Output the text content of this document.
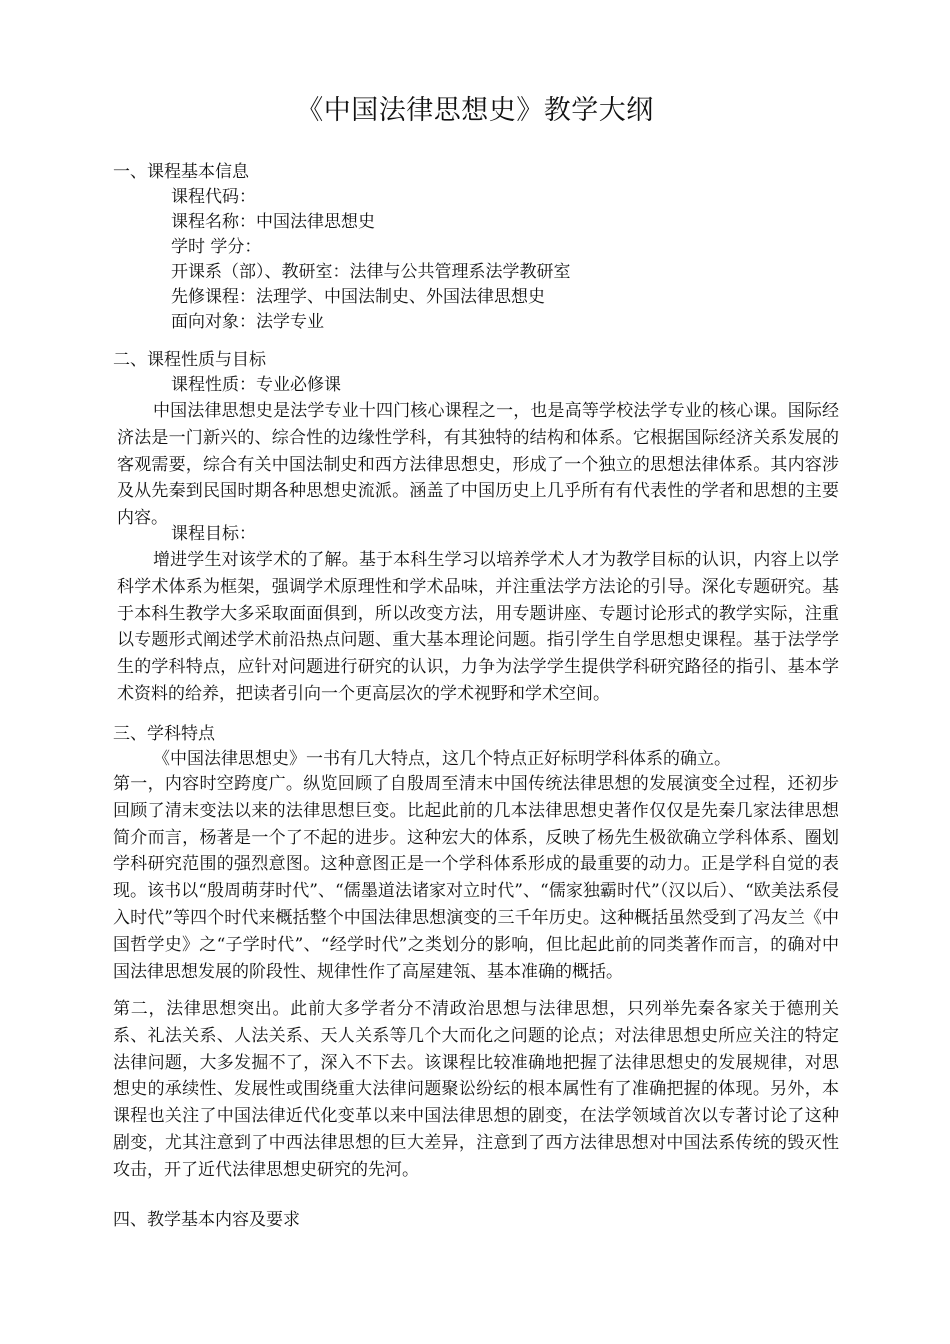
《中国法律思想史》教学大纲
一、课程基本信息
课程代码：
课程名称：中国法律思想史
学时 学分：
开课系（部）、教研室：法律与公共管理系法学教研室
先修课程：法理学、中国法制史、外国法律思想史
面向对象：法学专业
二、课程性质与目标
课程性质：专业必修课
中国法律思想史是法学专业十四门核心课程之一，也是高等学校法学专业的核心课。国际经济法是一门新兴的、综合性的边缘性学科，有其独特的结构和体系。它根据国际经济关系发展的客观需要，综合有关中国法制史和西方法律思想史，形成了一个独立的思想法律体系。其内容涉及从先秦到民国时期各种思想史流派。涵盖了中国历史上几乎所有有代表性的学者和思想的主要内容。
课程目标：
增进学生对该学术的了解。基于本科生学习以培养学术人才为教学目标的认识，内容上以学科学术体系为框架，强调学术原理性和学术品味，并注重法学方法论的引导。深化专题研究。基于本科生教学大多采取面面俱到，所以改变方法，用专题讲座、专题讨论形式的教学实际，注重以专题形式阐述学术前沿热点问题、重大基本理论问题。指引学生自学思想史课程。基于法学学生的学科特点，应针对问题进行研究的认识，力争为法学学生提供学科研究路径的指引、基本学术资料的给养，把读者引向一个更高层次的学术视野和学术空间。
三、学科特点
《中国法律思想史》一书有几大特点，这几个特点正好标明学科体系的确立。
第一，内容时空跨度广。纵览回顾了自殷周至清末中国传统法律思想的发展演变全过程，还初步回顾了清末变法以来的法律思想巨变。比起此前的几本法律思想史著作仅仅是先秦几家法律思想简介而言，杨著是一个了不起的进步。这种宏大的体系，反映了杨先生极欲确立学科体系、圈划学科研究范围的强烈意图。这种意图正是一个学科体系形成的最重要的动力。正是学科自觉的表现。该书以“殷周萌芽时代”、“儒墨道法诸家对立时代”、“儒家独霸时代”（汉以后）、“欧美法系侵入时代”等四个时代来概括整个中国法律思想演变的三千年历史。这种概括虽然受到了冯友兰《中国哲学史》之“子学时代”、“经学时代”之类划分的影响，但比起此前的同类著作而言，的确对中国法律思想发展的阶段性、规律性作了高屋建瓴、基本准确的概括。
第二，法律思想突出。此前大多学者分不清政治思想与法律思想，只列举先秦各家关于德刑关系、礼法关系、人法关系、天人关系等几个大而化之问题的论点；对法律思想史所应关注的特定法律问题，大多发掘不了，深入不下去。该课程比较准确地把握了法律思想史的发展规律，对思想史的承续性、发展性或围绕重大法律问题聚讼纷纭的根本属性有了准确把握的体现。另外，本课程也关注了中国法律近代化变革以来中国法律思想的剧变，在法学领域首次以专著讨论了这种剧变，尤其注意到了中西法律思想的巨大差异，注意到了西方法律思想对中国法系传统的毁灭性攻击，开了近代法律思想史研究的先河。
四、教学基本内容及要求
